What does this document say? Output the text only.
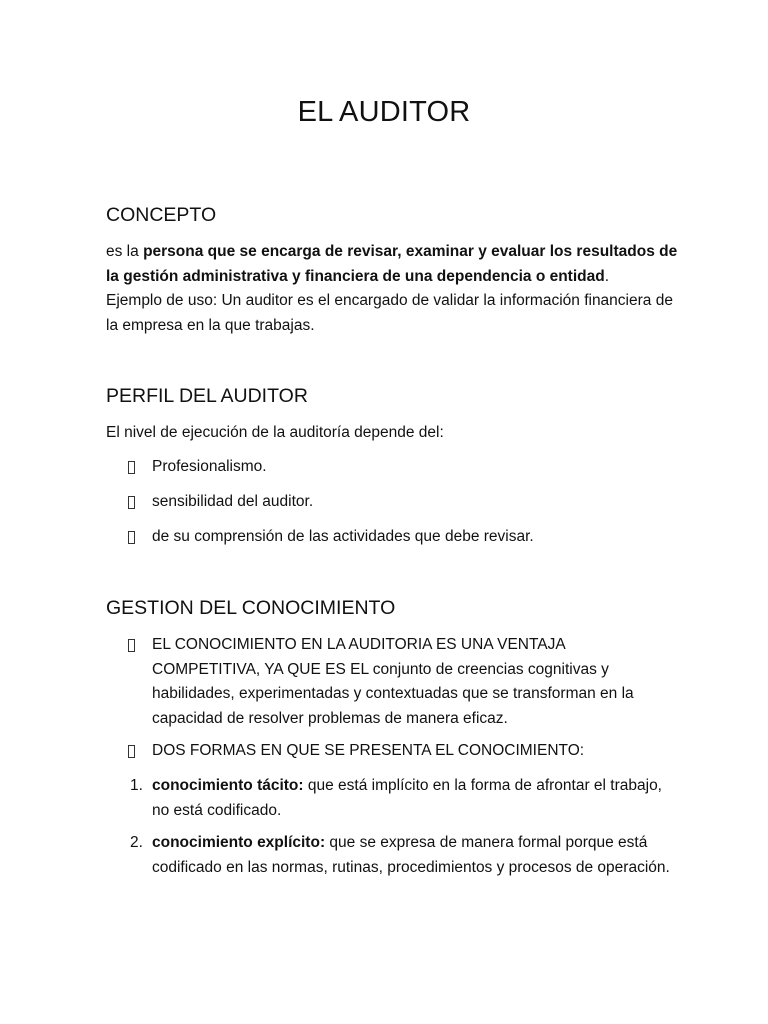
EL AUDITOR
CONCEPTO

es la persona que se encarga de revisar, examinar y evaluar los resultados de la gestión administrativa y financiera de una dependencia o entidad.
Ejemplo de uso: Un auditor es el encargado de validar la información financiera de la empresa en la que trabajas.

PERFIL DEL AUDITOR

El nivel de ejecución de la auditoría depende del:

Profesionalismo.
sensibilidad del auditor.
de su comprensión de las actividades que debe revisar.
GESTION DEL CONOCIMIENTO
EL CONOCIMIENTO EN LA AUDITORIA ES UNA VENTAJA COMPETITIVA, YA QUE ES EL conjunto de creencias cognitivas y habilidades, experimentadas y contextuadas que se transforman en la capacidad de resolver problemas de manera eficaz.
DOS FORMAS EN QUE SE PRESENTA EL CONOCIMIENTO:
1. conocimiento tácito: que está implícito en la forma de afrontar el trabajo, no está codificado.
2. conocimiento explícito: que se expresa de manera formal porque está codificado en las normas, rutinas, procedimientos y procesos de operación.
